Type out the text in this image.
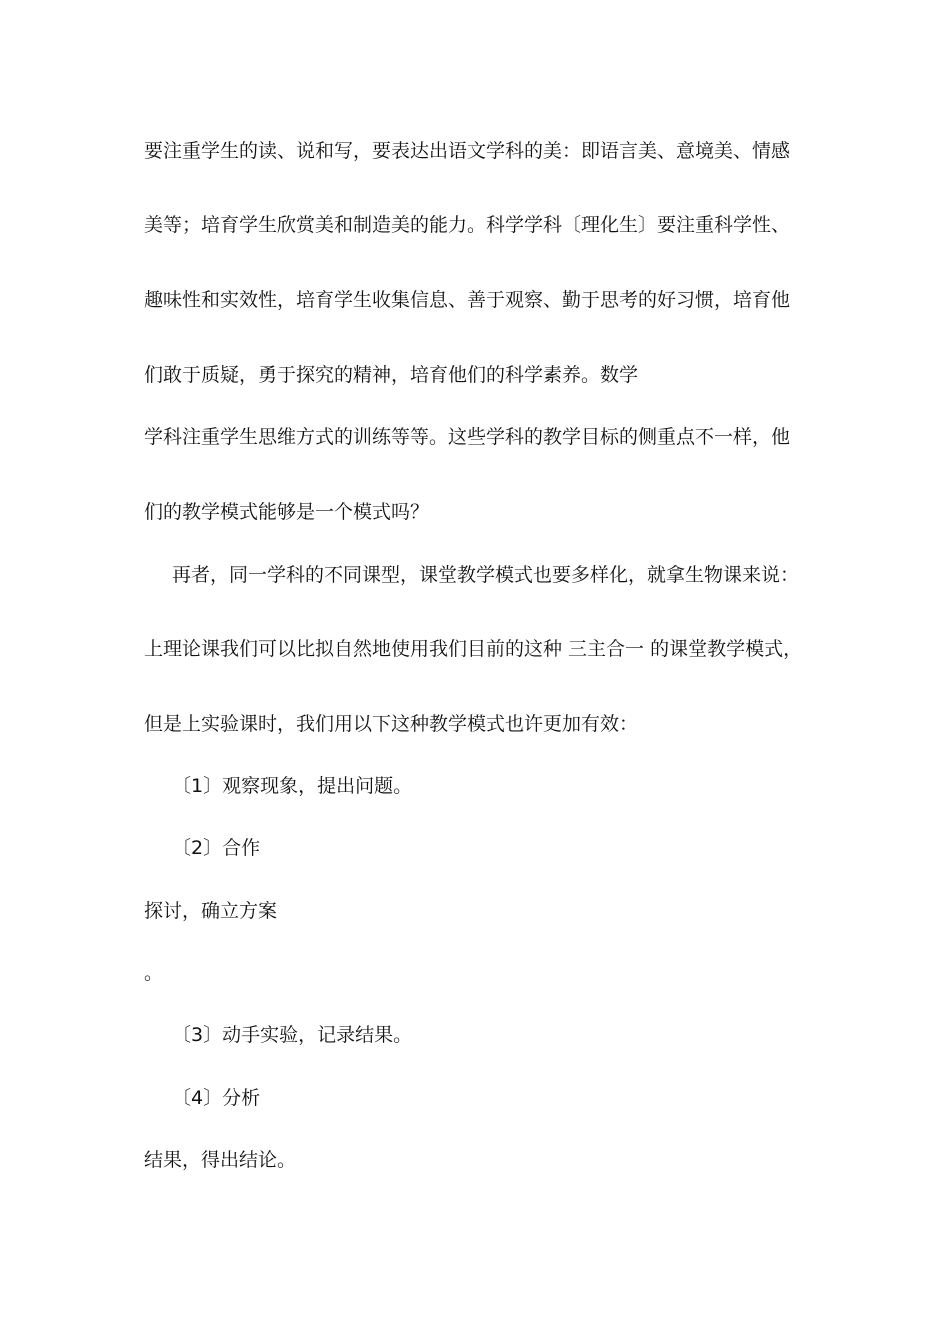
要注重学生的读、说和写，要表达出语文学科的美：即语言美、意境美、情感
美等；培育学生欣赏美和制造美的能力。科学学科〔理化生〕要注重科学性、
趣味性和实效性，培育学生收集信息、善于观察、勤于思考的好习惯，培育他
们敢于质疑，勇于探究的精神，培育他们的科学素养。数学
学科注重学生思维方式的训练等等。这些学科的教学目标的侧重点不一样，他
们的教学模式能够是一个模式吗？
再者，同一学科的不同课型，课堂教学模式也要多样化，就拿生物课来说：
上理论课我们可以比拟自然地使用我们目前的这种 三主合一 的课堂教学模式，
但是上实验课时，我们用以下这种教学模式也许更加有效：
〔1〕观察现象，提出问题。
〔2〕合作
探讨，确立方案
。
〔3〕动手实验，记录结果。
〔4〕分析
结果，得出结论。
